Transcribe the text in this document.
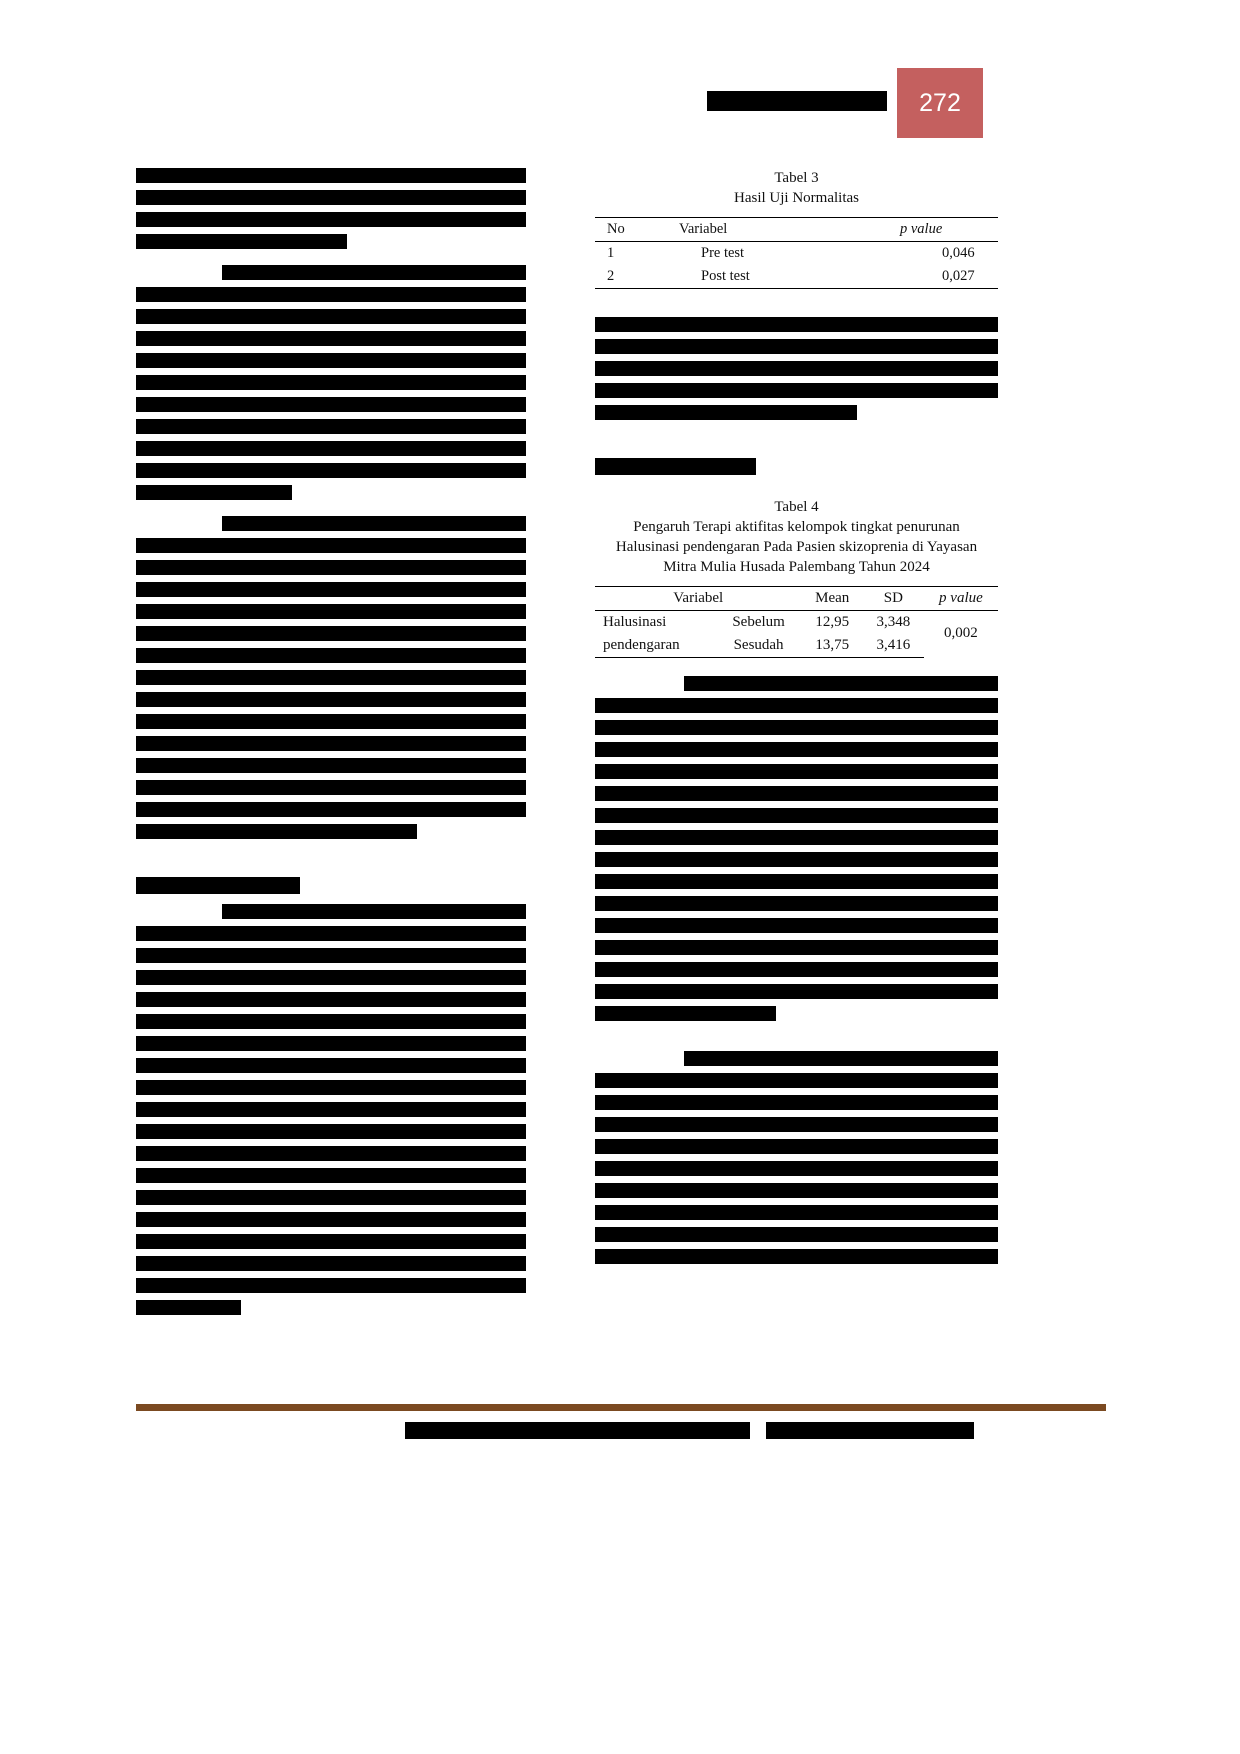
272
Tabel 3
Hasil Uji Normalitas
No	Variabel	p value
1	Pre test	0,046
2	Post test	0,027
Tabel 4
Pengaruh Terapi aktifitas kelompok tingkat penurunan
Halusinasi pendengaran Pada Pasien skizoprenia di Yayasan
Mitra Mulia Husada Palembang Tahun 2024
Variabel		Mean	SD	p value
Halusinasi	Sebelum	12,95	3,348	0,002
pendengaran	Sesudah	13,75	3,416	
